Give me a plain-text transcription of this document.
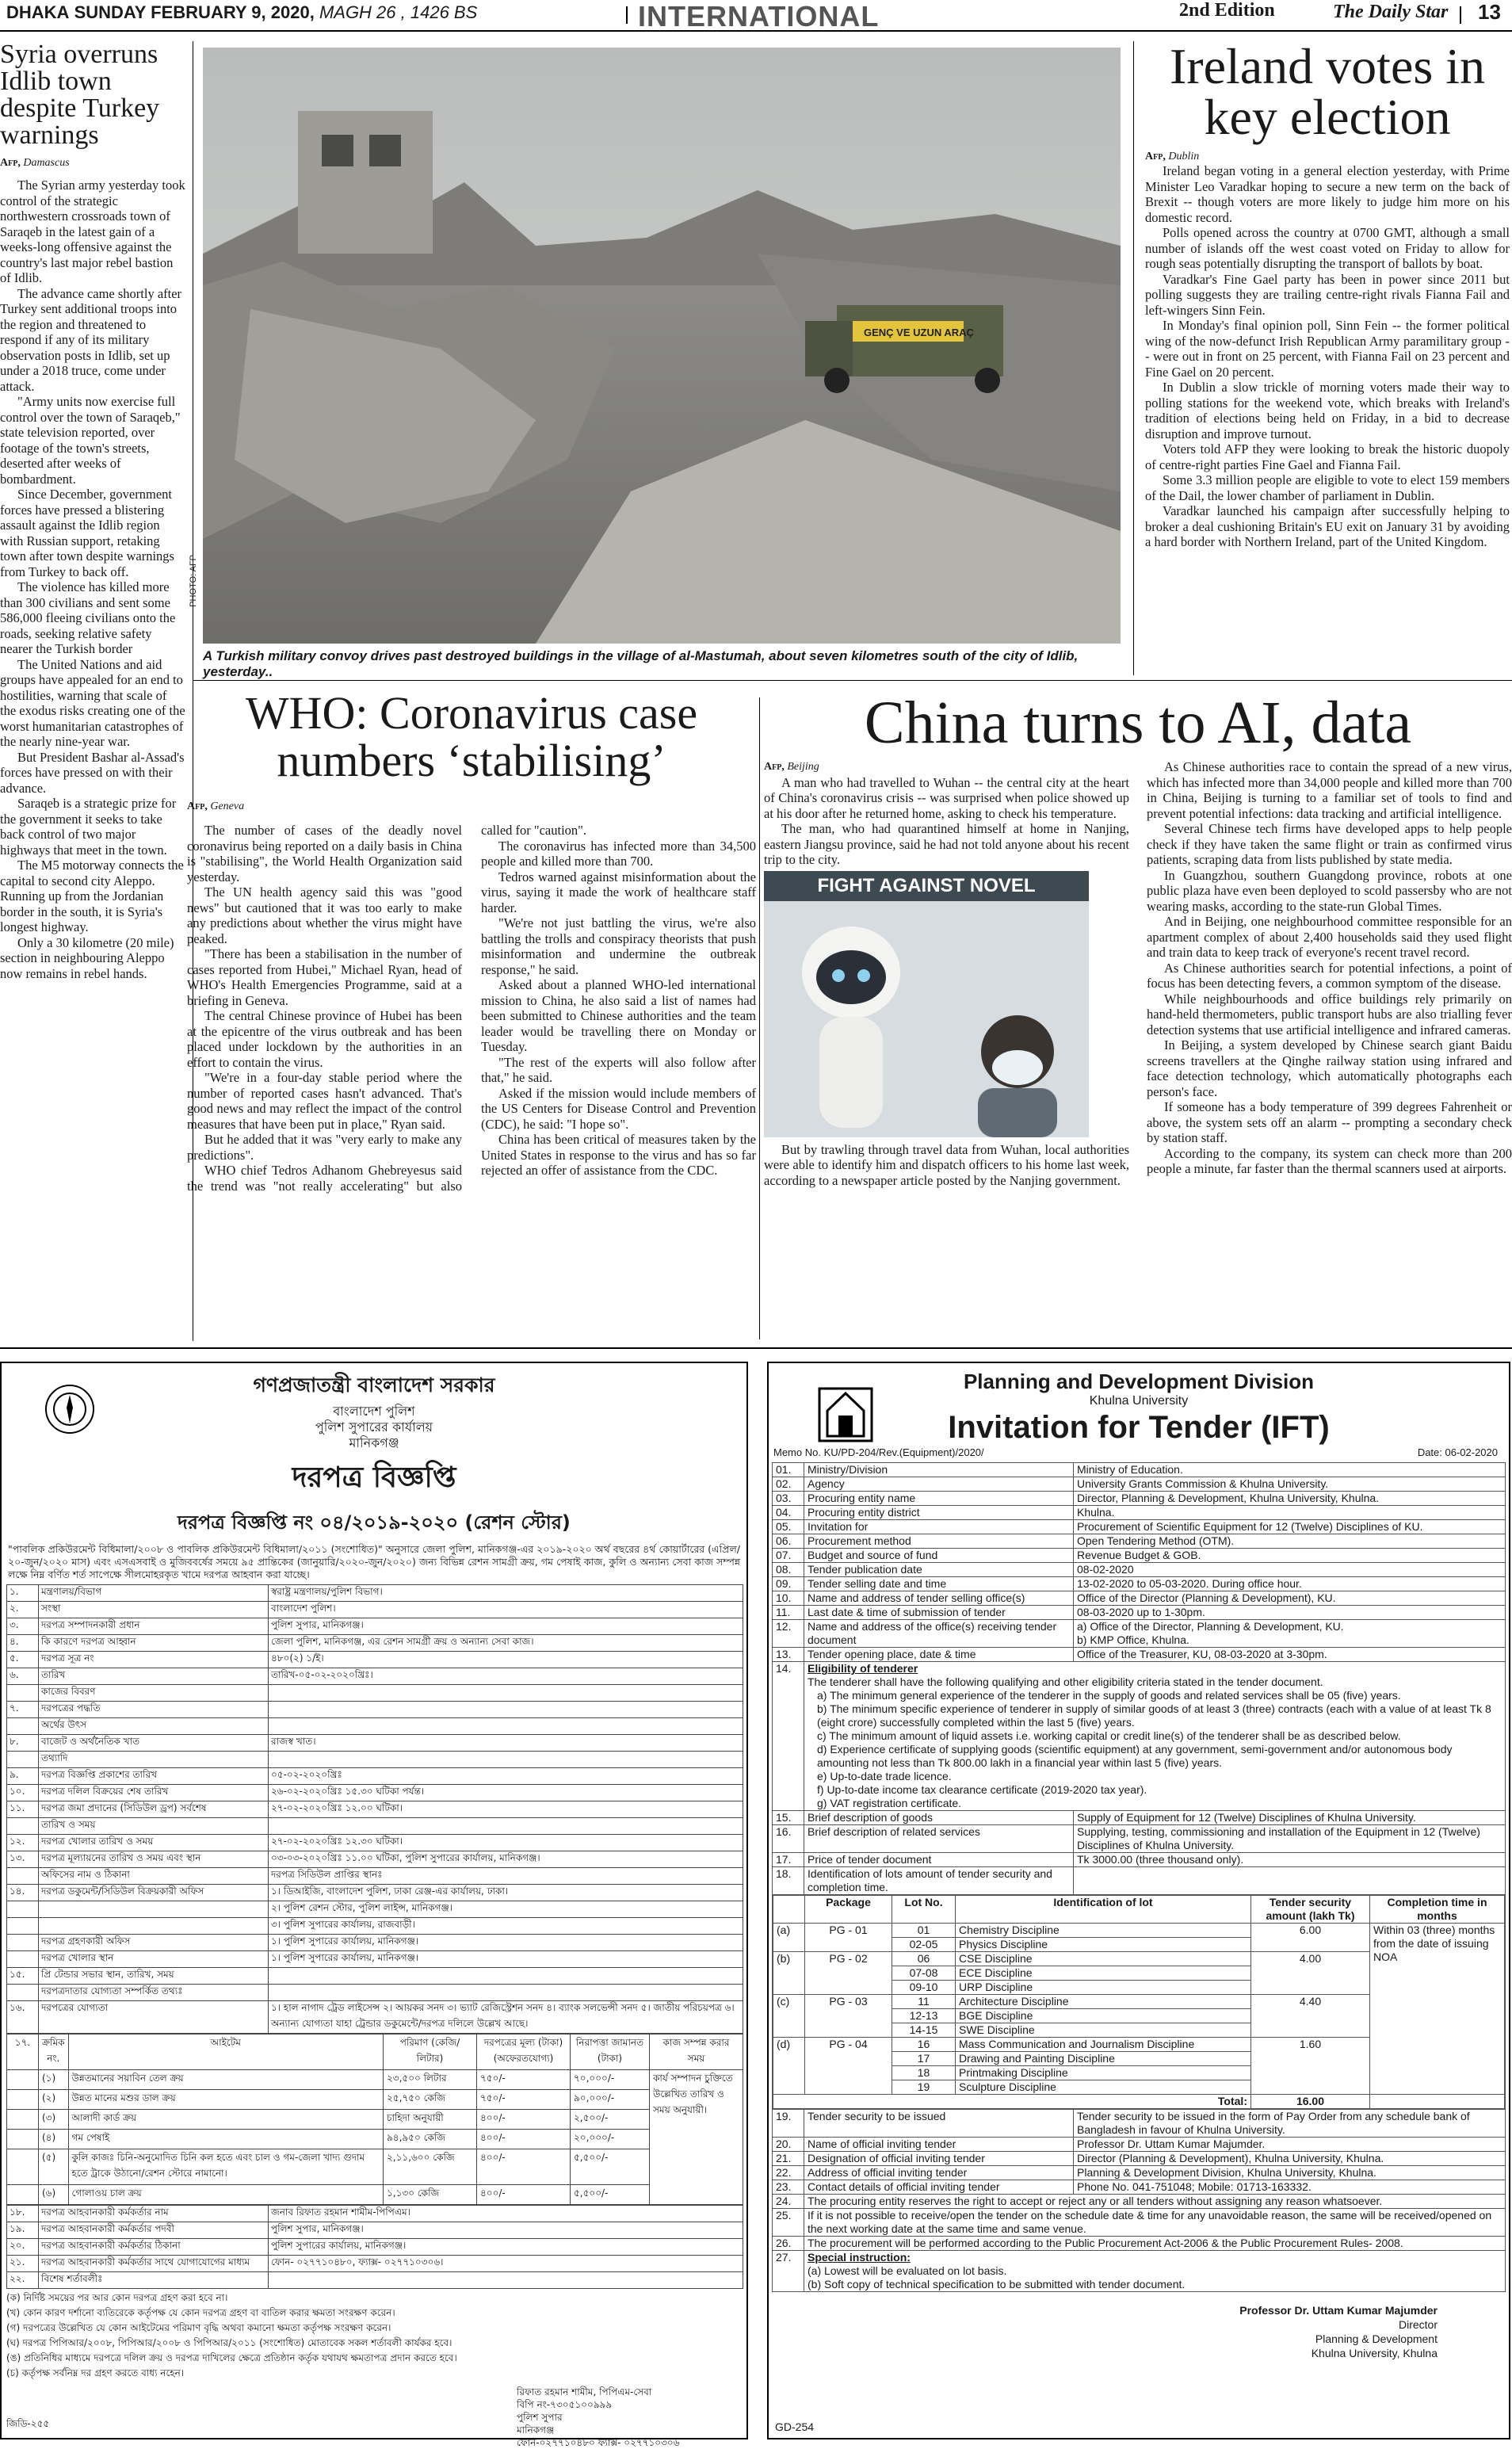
DHAKA SUNDAY FEBRUARY 9, 2020, MAGH 26 , 1426 BS	INTERNATIONAL	2nd Edition	The Daily Star 13
Syria overruns Idlib town despite Turkey warnings
Afp, Damascus

The Syrian army yesterday took control of the strategic northwestern crossroads town of Saraqeb in the latest gain of a weeks-long offensive against the country's last major rebel bastion of Idlib.

The advance came shortly after Turkey sent additional troops into the region and threatened to respond if any of its military observation posts in Idlib, set up under a 2018 truce, come under attack.

"Army units now exercise full control over the town of Saraqeb," state television reported, over footage of the town's streets, deserted after weeks of bombardment.

Since December, government forces have pressed a blistering assault against the Idlib region with Russian support, retaking town after town despite warnings from Turkey to back off.

The violence has killed more than 300 civilians and sent some 586,000 fleeing civilians onto the roads, seeking relative safety nearer the Turkish border

The United Nations and aid groups have appealed for an end to hostilities, warning that scale of the exodus risks creating one of the worst humanitarian catastrophes of the nearly nine-year war.

But President Bashar al-Assad's forces have pressed on with their advance.

Saraqeb is a strategic prize for the government it seeks to take back control of two major highways that meet in the town.

The M5 motorway connects the capital to second city Aleppo. Running up from the Jordanian border in the south, it is Syria's longest highway.

Only a 30 kilometre (20 mile) section in neighbouring Aleppo now remains in rebel hands.

GENÇ VE UZUN ARAÇ
PHOTO: AFP
A Turkish military convoy drives past destroyed buildings in the village of al-Mastumah, about seven kilometres south of the city of Idlib, yesterday..
Ireland votes in key election
Afp, Dublin

Ireland began voting in a general election yesterday, with Prime Minister Leo Varadkar hoping to secure a new term on the back of Brexit -- though voters are more likely to judge him more on his domestic record.

Polls opened across the country at 0700 GMT, although a small number of islands off the west coast voted on Friday to allow for rough seas potentially disrupting the transport of ballots by boat.

Varadkar's Fine Gael party has been in power since 2011 but polling suggests they are trailing centre-right rivals Fianna Fail and left-wingers Sinn Fein.

In Monday's final opinion poll, Sinn Fein -- the former political wing of the now-defunct Irish Republican Army paramilitary group -- were out in front on 25 percent, with Fianna Fail on 23 percent and Fine Gael on 20 percent.

In Dublin a slow trickle of morning voters made their way to polling stations for the weekend vote, which breaks with Ireland's tradition of elections being held on Friday, in a bid to decrease disruption and improve turnout.

Voters told AFP they were looking to break the historic duopoly of centre-right parties Fine Gael and Fianna Fail.

Some 3.3 million people are eligible to vote to elect 159 members of the Dail, the lower chamber of parliament in Dublin.

Varadkar launched his campaign after successfully helping to broker a deal cushioning Britain's EU exit on January 31 by avoiding a hard border with Northern Ireland, part of the United Kingdom.

WHO: Coronavirus case numbers ‘stabilising’
Afp, Geneva

The number of cases of the deadly novel coronavirus being reported on a daily basis in China is "stabilising", the World Health Organization said yesterday.

The UN health agency said this was "good news" but cautioned that it was too early to make any predictions about whether the virus might have peaked.

"There has been a stabilisation in the number of cases reported from Hubei," Michael Ryan, head of WHO's Health Emergencies Programme, said at a briefing in Geneva.

The central Chinese province of Hubei has been at the epicentre of the virus outbreak and has been placed under lockdown by the authorities in an effort to contain the virus.

"We're in a four-day stable period where the number of reported cases hasn't advanced. That's good news and may reflect the impact of the control measures that have been put in place," Ryan said.

But he added that it was "very early to make any predictions".

WHO chief Tedros Adhanom Ghebreyesus said the trend was "not really accelerating" but also called for "caution".

The coronavirus has infected more than 34,500 people and killed more than 700.

Tedros warned against misinformation about the virus, saying it made the work of healthcare staff harder.

"We're not just battling the virus, we're also battling the trolls and conspiracy theorists that push misinformation and undermine the outbreak response," he said.

Asked about a planned WHO-led international mission to China, he also said a list of names had been submitted to Chinese authorities and the team leader would be travelling there on Monday or Tuesday.

"The rest of the experts will also follow after that," he said.

Asked if the mission would include members of the US Centers for Disease Control and Prevention (CDC), he said: "I hope so".

China has been critical of measures taken by the United States in response to the virus and has so far rejected an offer of assistance from the CDC.

China turns to AI, data
Afp, Beijing

A man who had travelled to Wuhan -- the central city at the heart of China's coronavirus crisis -- was surprised when police showed up at his door after he returned home, asking to check his temperature.

The man, who had quarantined himself at home in Nanjing, eastern Jiangsu province, said he had not told anyone about his recent trip to the city.

FIGHT AGAINST NOVEL

But by trawling through travel data from Wuhan, local authorities were able to identify him and dispatch officers to his home last week, according to a newspaper article posted by the Nanjing government.

As Chinese authorities race to contain the spread of a new virus, which has infected more than 34,000 people and killed more than 700 in China, Beijing is turning to a familiar set of tools to find and prevent potential infections: data tracking and artificial intelligence.

Several Chinese tech firms have developed apps to help people check if they have taken the same flight or train as confirmed virus patients, scraping data from lists published by state media.

In Guangzhou, southern Guangdong province, robots at one public plaza have even been deployed to scold passersby who are not wearing masks, according to the state-run Global Times.

And in Beijing, one neighbourhood committee responsible for an apartment complex of about 2,400 households said they used flight and train data to keep track of everyone's recent travel record.

As Chinese authorities search for potential infections, a point of focus has been detecting fevers, a common symptom of the disease.

While neighbourhoods and office buildings rely primarily on hand-held thermometers, public transport hubs are also trialling fever detection systems that use artificial intelligence and infrared cameras.

In Beijing, a system developed by Chinese search giant Baidu screens travellers at the Qinghe railway station using infrared and face detection technology, which automatically photographs each person's face.

If someone has a body temperature of 399 degrees Fahrenheit or above, the system sets off an alarm -- prompting a secondary check by station staff.

According to the company, its system can check more than 200 people a minute, far faster than the thermal scanners used at airports.

গণপ্রজাতন্ত্রী বাংলাদেশ সরকার
বাংলাদেশ পুলিশ
পুলিশ সুপারের কার্যালয়
মানিকগঞ্জ
দরপত্র বিজ্ঞপ্তি
দরপত্র বিজ্ঞপ্তি নং ০৪/২০১৯-২০২০ (রেশন স্টোর)
"পাবলিক প্রকিউরমেন্ট বিধিমালা/২০০৮ ও পাবলিক প্রকিউরমেন্ট বিধিমালা/২০১১ (সংশোধিত)" অনুসারে জেলা পুলিশ, মানিকগঞ্জ-এর ২০১৯-২০২০ অর্থ বছরের ৪র্থ কোয়ার্টারের (এপ্রিল/২০-জুন/২০২০ মাস) এবং এসএসবাই ও মুজিববর্ষের সময়ে ৯৫ প্রান্তিকের (জানুয়ারি/২০২০-জুন/২০২০) জন্য বিভিন্ন রেশন সামগ্রী ক্রয়, গম পেষাই কাজ, কুলি ও অন্যান্য সেবা কাজ সম্পন্ন লক্ষে নিম্ন বর্ণিত শর্ত সাপেক্ষে সীলমোহরকৃত খামে দরপত্র আহবান করা যাচ্ছে।
১.	মন্ত্রণালয়/বিভাগ	স্বরাষ্ট্র মন্ত্রণালয়/পুলিশ বিভাগ।
২.	সংস্থা	বাংলাদেশ পুলিশ।
৩.	দরপত্র সম্পাদনকারী প্রধান	পুলিশ সুপার, মানিকগঞ্জ।
৪.	কি কারণে দরপত্র আহ্বান	জেলা পুলিশ, মানিকগঞ্জ, এর রেশন সামগ্রী ক্রয় ও অন্যান্য সেবা কাজ।
৫.	দরপত্র সূত্র নং	৪৮০(২) ১/ই।
৬.	তারিখ	তারিখ-০৫-০২-২০২০খ্রিঃ।
	কাজের বিবরণ	
৭.	দরপত্রের পদ্ধতি	
	অর্থের উৎস	
৮.	বাজেট ও অর্থনৈতিক খাত	রাজস্ব খাত।
	তথ্যাদি	
৯.	দরপত্র বিজ্ঞপ্তি প্রকাশের তারিখ	০৫-০২-২০২০খ্রিঃ
১০.	দরপত্র দলিল বিক্রয়ের শেষ তারিখ	২৬-০২-২০২০খ্রিঃ ১৫.৩০ ঘটিকা পর্যন্ত।
১১.	দরপত্র জমা প্রদানের (সিডিউল ড্রপ) সর্বশেষ	২৭-০২-২০২০খ্রিঃ ১২.০০ ঘটিকা।
	তারিখ ও সময়	
১২.	দরপত্র খোলার তারিখ ও সময়	২৭-০২-২০২০খ্রিঃ ১২.৩০ ঘটিকা।
১৩.	দরপত্র মূল্যায়নের তারিখ ও সময় এবং স্থান	০৩-০৩-২০২০খ্রিঃ ১১.০০ ঘটিকা, পুলিশ সুপারের কার্যালয়, মানিকগঞ্জ।
	অফিসের নাম ও ঠিকানা	দরপত্র সিডিউল প্রাপ্তির স্থানঃ
১৪.	দরপত্র ডকুমেন্ট/সিডিউল বিক্রয়কারী অফিস	১। ডিআইজি, বাংলাদেশ পুলিশ, ঢাকা রেঞ্জ-এর কার্যালয়, ঢাকা।
		২। পুলিশ রেশন স্টোর, পুলিশ লাইন্স, মানিকগঞ্জ।
		৩। পুলিশ সুপারের কার্যালয়, রাজবাড়ী।
	দরপত্র গ্রহণকারী অফিস	১। পুলিশ সুপারের কার্যালয়, মানিকগঞ্জ।
	দরপত্র খোলার স্থান	১। পুলিশ সুপারের কার্যালয়, মানিকগঞ্জ।
১৫.	প্রি টেন্ডার সভার স্থান, তারিখ, সময়	
	দরপত্রদাতার যোগ্যতা সম্পর্কিত তথ্যঃ	
১৬.	দরপত্রের যোগ্যতা	১। হাল নাগাদ ট্রেড লাইসেন্স ২। আয়কর সনদ ৩। ভ্যাট রেজিস্ট্রেশন সনদ ৪। ব্যাংক সলভেন্সী সনদ ৫। জাতীয় পরিচয়পত্র ৬। অন্যান্য যোগ্যতা যাহা ট্রেন্ডার ডকুমেন্টে/দরপত্র দলিলে উল্লেখ আছে।
১৭.	ক্রমিক নং.	আইটেম	পরিমাণ (কেজি/লিটার)	দরপত্রের মূল্য (টাকা) (অফেরতযোগ্য)	নিরাপত্তা জামানত (টাকা)	কাজ সম্পন্ন করার সময়
	(১)	উন্নতমানের সয়াবিন তেল ক্রয়	২৩,৫০০ লিটার	৭৫০/-	৭০,০০০/-	কার্য সম্পাদন চুক্তিতে উল্লেখিত তারিখ ও সময় অনুযায়ী।
	(২)	উন্নত মানের মশুর ডাল ক্রয়	২৫,৭৫০ কেজি	৭৫০/-	৯০,০০০/-	
	(৩)	আলাদী কার্ড ক্রয়	চাহিদা অনুযায়ী	৪০০/-	২,৫০০/-	
	(৪)	গম পেষাই	৯৪,৯৫০ কেজি	৪০০/-	২০,০০০/-	
	(৫)	কুলি কাজঃ চিনি-অনুমোদিত চিনি কল হতে এবং চাল ও গম-জেলা খাদ্য গুদাম হতে ট্রাকে উঠানো/রেশন স্টোরে নামানো।	২,১১,৬০০ কেজি	৪০০/-	৫,৫০০/-	
	(৬)	গোলাওয় চাল ক্রয়	১,১৩০ কেজি	৪০০/-	৫,৫০০/-	
১৮.	দরপত্র আহবানকারী কর্মকর্তার নাম	জনাব রিফাত রহমান শামীম-পিপিএম।
১৯.	দরপত্র আহবানকারী কর্মকর্তার পদবী	পুলিশ সুপার, মানিকগঞ্জ।
২০.	দরপত্র আহবানকারী কর্মকর্তার ঠিকানা	পুলিশ সুপারের কার্যালয়, মানিকগঞ্জ।
২১.	দরপত্র আহবানকারী কর্মকর্তার সাথে যোগাযোগের মাধ্যম	ফোন- ০২৭৭১০৪৮০, ফ্যাক্স- ০২৭৭১০৩০৬।
২২.	বিশেষ শর্তাবলীঃ	
(ক) নির্দিষ্ট সময়ের পর আর কোন দরপত্র গ্রহণ করা হবে না।
(খ) কোন কারণ দর্শানো ব্যতিরেকে কর্তৃপক্ষ যে কোন দরপত্র গ্রহণ বা বাতিল করার ক্ষমতা সংরক্ষণ করেন।
(গ) দরপত্রের উল্লেখিত যে কোন আইটেমের পরিমাণ বৃদ্ধি অথবা কমানো ক্ষমতা কর্তৃপক্ষ সংরক্ষণ করেন।
(ঘ) দরপত্র পিপিআর/২০০৮, পিপিআর/২০০৮ ও পিপিআর/২০১১ (সংশোধিত) মোতাবেক সকল শর্তাবলী কার্যকর হবে।
(ঙ) প্রতিনিধির মাধ্যমে দরপত্রে দলিল ক্রয় ও দরপত্র দাখিলের ক্ষেত্রে প্রতিষ্ঠান কর্তৃক যথাযথ ক্ষমতাপত্র প্রদান করতে হবে।
(চ) কর্তৃপক্ষ সর্বনিম্ন দর গ্রহণ করতে বাধ্য নহেন।
রিফাত রহমান শামীম, পিপিএম-সেবা
বিপি নং-৭৩০৫১০০৯৯৯
পুলিশ সুপার
মানিকগঞ্জ
ফোন-০২৭৭১০৪৮০ ফ্যাক্স- ০২৭৭১০৩০৬
জিডি-২৫৫
Planning and Development Division
Khulna University
Invitation for Tender (IFT)
Memo No. KU/PD-204/Rev.(Equipment)/2020/	Date: 06-02-2020
01.	Ministry/Division	Ministry of Education.
02.	Agency	University Grants Commission & Khulna University.
03.	Procuring entity name	Director, Planning & Development, Khulna University, Khulna.
04.	Procuring entity district	Khulna.
05.	Invitation for	Procurement of Scientific Equipment for 12 (Twelve) Disciplines of KU.
06.	Procurement method	Open Tendering Method (OTM).
07.	Budget and source of fund	Revenue Budget & GOB.
08.	Tender publication date	08-02-2020
09.	Tender selling date and time	13-02-2020 to 05-03-2020. During office hour.
10.	Name and address of tender selling office(s)	Office of the Director (Planning & Development), KU.
11.	Last date & time of submission of tender	08-03-2020 up to 1-30pm.
12.	Name and address of the office(s) receiving tender document	a) Office of the Director, Planning & Development, KU.
b) KMP Office, Khulna.
13.	Tender opening place, date & time	Office of the Treasurer, KU, 08-03-2020 at 3-30pm.
14.	Eligibility of tenderer
The tenderer shall have the following qualifying and other eligibility criteria stated in the tender document.
a) The minimum general experience of the tenderer in the supply of goods and related services shall be 05 (five) years.
b) The minimum specific experience of tenderer in supply of similar goods of at least 3 (three) contracts (each with a value of at least Tk 8 (eight crore) successfully completed within the last 5 (five) years.
c) The minimum amount of liquid assets i.e. working capital or credit line(s) of the tenderer shall be as described below.
d) Experience certificate of supplying goods (scientific equipment) at any government, semi-government and/or autonomous body amounting not less than Tk 800.00 lakh in a financial year within last 5 (five) years.
e) Up-to-date trade licence.
f) Up-to-date income tax clearance certificate (2019-2020 tax year).
g) VAT registration certificate.

15.	Brief description of goods	Supply of Equipment for 12 (Twelve) Disciplines of Khulna University.
16.	Brief description of related services	Supplying, testing, commissioning and installation of the Equipment in 12 (Twelve) Disciplines of Khulna University.
17.	Price of tender document	Tk 3000.00 (three thousand only).
18.	Identification of lots amount of tender security and completion time.	

	Package	Lot No.	Identification of lot	Tender security amount (lakh Tk)	Completion time in months
(a)	PG - 01	01	Chemistry Discipline	6.00	Within 03 (three) months from the date of issuing NOA
02-05	Physics Discipline
(b)	PG - 02	06	CSE Discipline	4.00
07-08	ECE Discipline
09-10	URP Discipline
(c)	PG - 03	11	Architecture Discipline	4.40
12-13	BGE Discipline
14-15	SWE Discipline
(d)	PG - 04	16	Mass Communication and Journalism Discipline	1.60
17	Drawing and Painting Discipline
18	Printmaking Discipline
19	Sculpture Discipline
Total:	16.00	

19.	Tender security to be issued	Tender security to be issued in the form of Pay Order from any schedule bank of Bangladesh in favour of Khulna University.
20.	Name of official inviting tender	Professor Dr. Uttam Kumar Majumder.
21.	Designation of official inviting tender	Director (Planning & Development), Khulna University, Khulna.
22.	Address of official inviting tender	Planning & Development Division, Khulna University, Khulna.
23.	Contact details of official inviting tender	Phone No. 041-751048; Mobile: 01713-163332.
24.	The procuring entity reserves the right to accept or reject any or all tenders without assigning any reason whatsoever.
25.	If it is not possible to receive/open the tender on the schedule date & time for any unavoidable reason, the same will be received/opened on the next working date at the same time and same venue.
26.	The procurement will be performed according to the Public Procurement Act-2006 & the Public Procurement Rules- 2008.
27.	Special instruction:
(a) Lowest will be evaluated on lot basis.
(b) Soft copy of technical specification to be submitted with tender document.
Professor Dr. Uttam Kumar Majumder
Director
Planning & Development
Khulna University, Khulna
GD-254
